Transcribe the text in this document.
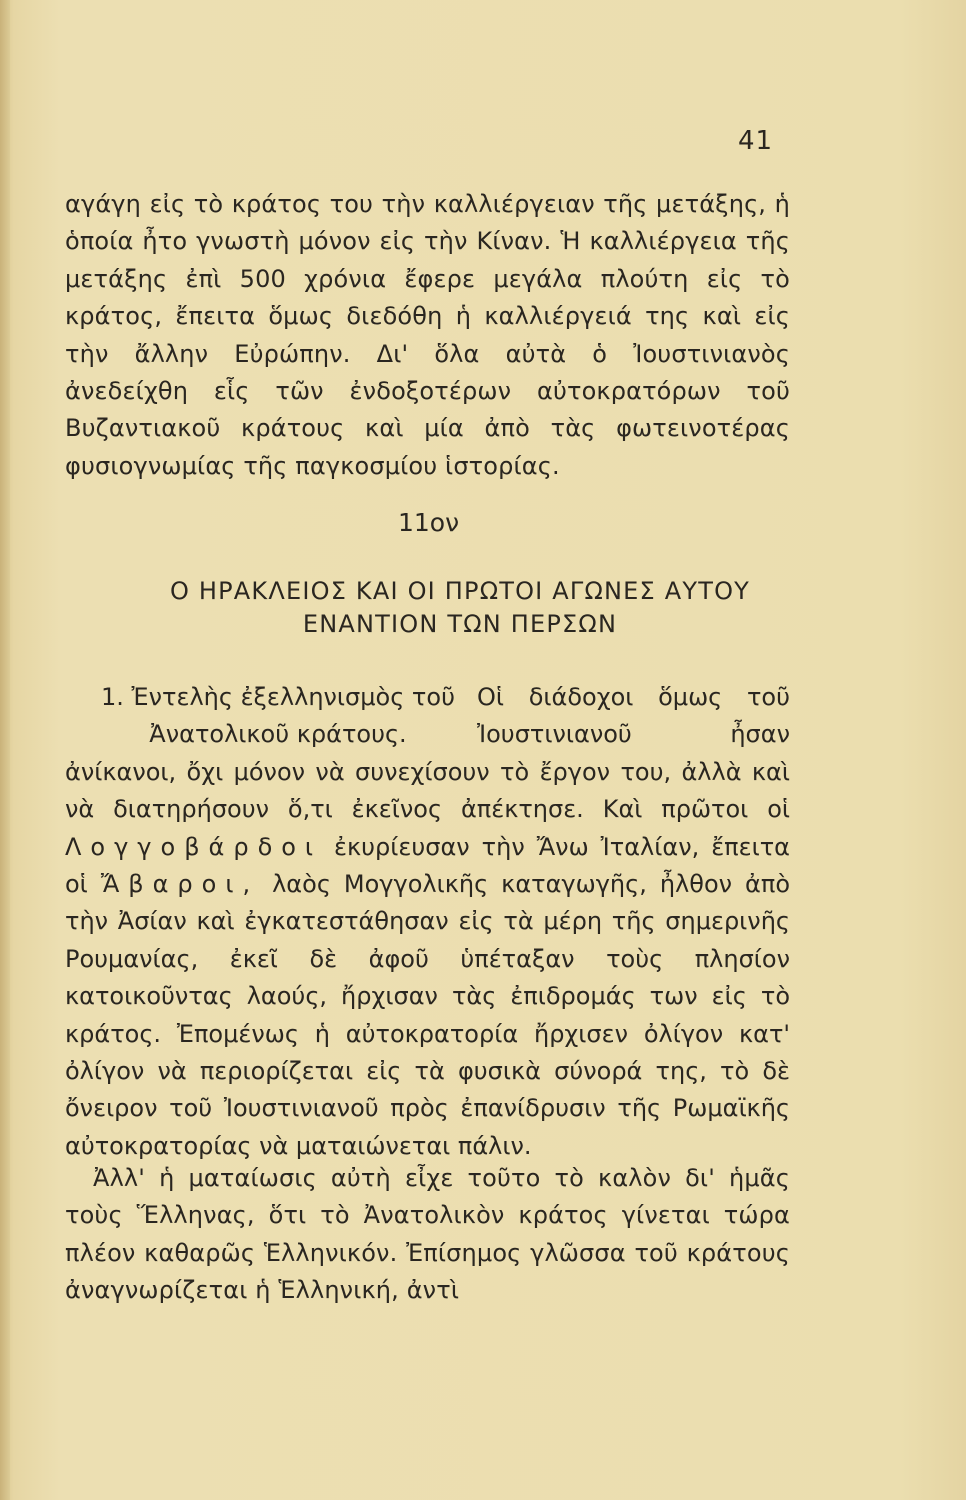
41

αγάγη εἰς τὸ κράτος του τὴν καλλιέργειαν τῆς μετάξης, ἡ ὁποία ἦτο γνωστὴ μόνον εἰς τὴν Κίναν. Ἡ καλλιέργεια τῆς μετάξης ἐπὶ 500 χρόνια ἔφερε μεγάλα πλούτη εἰς τὸ κράτος, ἔπειτα ὅμως διεδόθη ἡ καλλιέργειά της καὶ εἰς τὴν ἄλλην Εὐρώπην. Δι' ὅλα αὐτὰ ὁ Ἰουστινιανὸς ἀνεδείχθη εἷς τῶν ἐνδοξοτέρων αὐτοκρατόρων τοῦ Βυζαντιακοῦ κράτους καὶ μία ἀπὸ τὰς φωτεινοτέρας φυσιογνωμίας τῆς παγκοσμίου ἱστορίας.

11ον
Ο ΗΡΑΚΛΕΙΟΣ ΚΑΙ ΟΙ ΠΡΩΤΟΙ ΑΓΩΝΕΣ ΑΥΤΟΥ
ΕΝΑΝΤΙΟΝ ΤΩΝ ΠΕΡΣΩΝ
1. Ἐντελὴς ἐξελληνισμὸς τοῦ Ἀνατολικοῦ κράτους.

Οἱ διάδοχοι ὅμως τοῦ Ἰουστινιανοῦ ἦσαν ἀνίκανοι, ὄχι μόνον νὰ συνεχίσουν τὸ ἔργον του, ἀλλὰ καὶ νὰ διατηρήσουν ὅ,τι ἐκεῖνος ἀπέκτησε. Καὶ πρῶτοι οἱ Λογγοβάρδοι ἐκυρίευσαν τὴν Ἄνω Ἰταλίαν, ἔπειτα οἱ Ἄβαροι, λαὸς Μογγολικῆς καταγωγῆς, ἦλθον ἀπὸ τὴν Ἀσίαν καὶ ἐγκατεστάθησαν εἰς τὰ μέρη τῆς σημερινῆς Ρουμανίας, ἐκεῖ δὲ ἀφοῦ ὑπέταξαν τοὺς πλησίον κατοικοῦντας λαούς, ἤρχισαν τὰς ἐπιδρομάς των εἰς τὸ κράτος. Ἐπομένως ἡ αὐτοκρατορία ἤρχισεν ὀλίγον κατ' ὀλίγον νὰ περιορίζεται εἰς τὰ φυσικὰ σύνορά της, τὸ δὲ ὄνειρον τοῦ Ἰουστινιανοῦ πρὸς ἐπανίδρυσιν τῆς Ρωμαϊκῆς αὐτοκρατορίας νὰ ματαιώνεται πάλιν.

Ἀλλ' ἡ ματαίωσις αὐτὴ εἶχε τοῦτο τὸ καλὸν δι' ἡμᾶς τοὺς Ἕλληνας, ὅτι τὸ Ἀνατολικὸν κράτος γίνεται τώρα πλέον καθαρῶς Ἑλληνικόν. Ἐπίσημος γλῶσσα τοῦ κράτους ἀναγνωρίζεται ἡ Ἑλληνική, ἀντὶ
